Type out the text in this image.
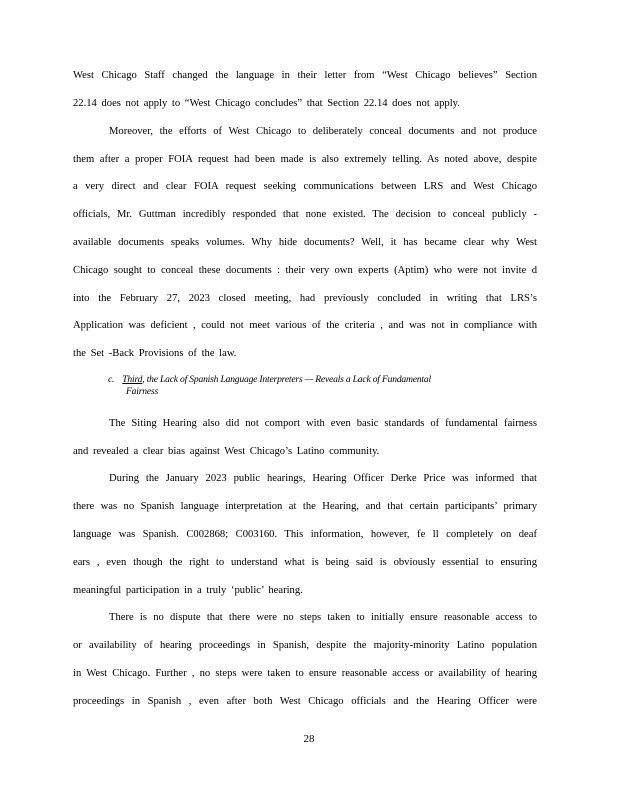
West Chicago Staff changed the language in their letter from “West Chicago believes” Section
22.14 does not apply to “West Chicago concludes” that Section 22.14 does not apply.
Moreover, the efforts of West Chicago to deliberately conceal documents and not produce
them after a proper FOIA request had been made is also extremely telling. As noted above, despite
a very direct and clear FOIA request seeking communications between LRS and West Chicago
officials, Mr. Guttman incredibly responded that none existed. The decision to conceal publicly -
available documents speaks volumes. Why hide documents? Well, it has became clear why West
Chicago sought to conceal these documents : their very own experts (Aptim) who were not invite d
into the February 27, 2023 closed meeting, had previously concluded in writing that LRS’s
Application was deficient , could not meet various of the criteria , and was not in compliance with
the Set -Back Provisions of the law.
c. Third, the Lack of Spanish Language Interpreters — Reveals a Lack of Fundamental
Fairness
The Siting Hearing also did not comport with even basic standards of fundamental fairness
and revealed a clear bias against West Chicago’s Latino community.
During the January 2023 public hearings, Hearing Officer Derke Price was informed that
there was no Spanish language interpretation at the Hearing, and that certain participants’ primary
language was Spanish. C002868; C003160. This information, however, fe ll completely on deaf
ears , even though the right to understand what is being said is obviously essential to ensuring
meaningful participation in a truly ‘public’ hearing.
There is no dispute that there were no steps taken to initially ensure reasonable access to
or availability of hearing proceedings in Spanish, despite the majority-minority Latino population
in West Chicago. Further , no steps were taken to ensure reasonable access or availability of hearing
proceedings in Spanish , even after both West Chicago officials and the Hearing Officer were
28
